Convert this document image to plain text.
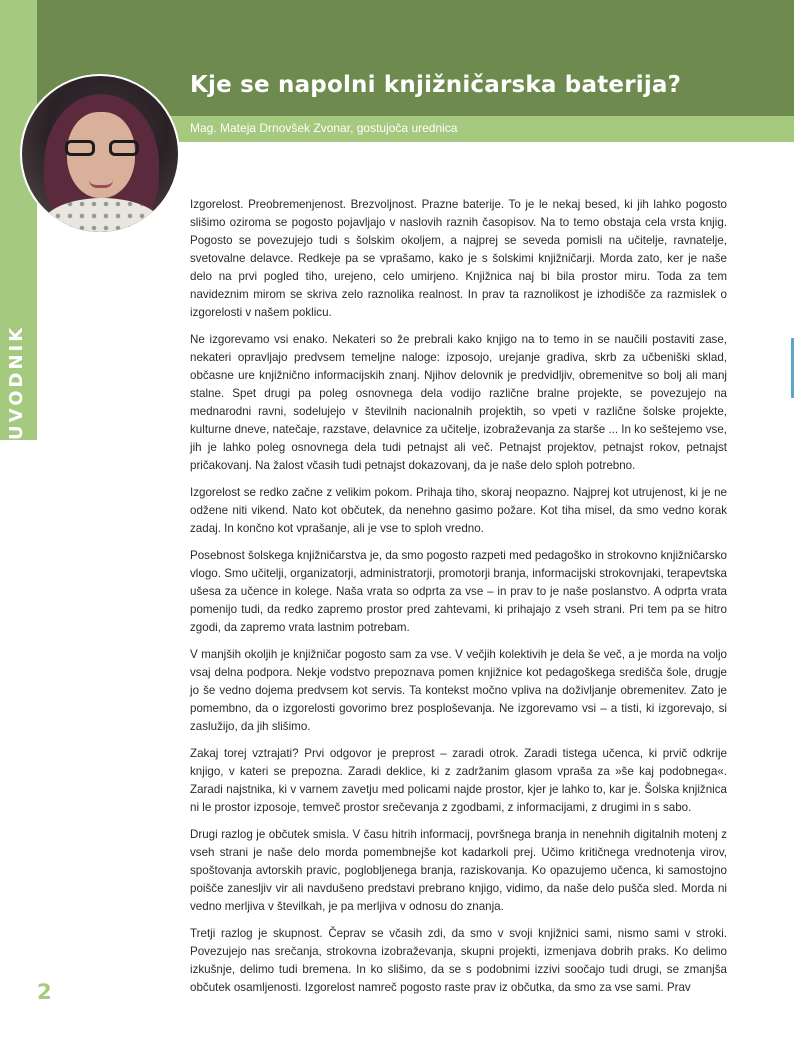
UVODNIK
Kje se napolni knjižničarska baterija?
Mag. Mateja Drnovšek Zvonar, gostujoča urednica

Izgorelost. Preobremenjenost. Brezvoljnost. Prazne baterije. To je le nekaj besed, ki jih lahko pogosto slišimo oziroma se pogosto pojavljajo v naslovih raznih časopisov. Na to temo obstaja cela vrsta knjig. Pogosto se povezujejo tudi s šolskim okoljem, a najprej se seveda pomisli na učitelje, ravnatelje, svetovalne delavce. Redkeje pa se vprašamo, kako je s šolskimi knjižničarji. Morda zato, ker je naše delo na prvi pogled tiho, urejeno, celo umirjeno. Knjižnica naj bi bila prostor miru. Toda za tem navideznim mirom se skriva zelo raznolika realnost. In prav ta raznolikost je izhodišče za razmislek o izgorelosti v našem poklicu.

Ne izgorevamo vsi enako. Nekateri so že prebrali kako knjigo na to temo in se naučili postaviti zase, nekateri opravljajo predvsem temeljne naloge: izposojo, urejanje gradiva, skrb za učbeniški sklad, občasne ure knjižnično informacijskih znanj. Njihov delovnik je predvidljiv, obremenitve so bolj ali manj stalne. Spet drugi pa poleg osnovnega dela vodijo različne bralne projekte, se povezujejo na mednarodni ravni, sodelujejo v številnih nacionalnih projektih, so vpeti v različne šolske projekte, kulturne dneve, natečaje, razstave, delavnice za učitelje, izobraževanja za starše ... In ko seštejemo vse, jih je lahko poleg osnovnega dela tudi petnajst ali več. Petnajst projektov, petnajst rokov, petnajst pričakovanj. Na žalost včasih tudi petnajst dokazovanj, da je naše delo sploh potrebno.

Izgorelost se redko začne z velikim pokom. Prihaja tiho, skoraj neopazno. Najprej kot utrujenost, ki je ne odžene niti vikend. Nato kot občutek, da nenehno gasimo požare. Kot tiha misel, da smo vedno korak zadaj. In končno kot vprašanje, ali je vse to sploh vredno.

Posebnost šolskega knjižničarstva je, da smo pogosto razpeti med pedagoško in strokovno knjižničarsko vlogo. Smo učitelji, organizatorji, administratorji, promotorji branja, informacijski strokovnjaki, terapevtska ušesa za učence in kolege. Naša vrata so odprta za vse – in prav to je naše poslanstvo. A odprta vrata pomenijo tudi, da redko zapremo prostor pred zahtevami, ki prihajajo z vseh strani. Pri tem pa se hitro zgodi, da zapremo vrata lastnim potrebam.

V manjših okoljih je knjižničar pogosto sam za vse. V večjih kolektivih je dela še več, a je morda na voljo vsaj delna podpora. Nekje vodstvo prepoznava pomen knjižnice kot pedagoškega središča šole, drugje jo še vedno dojema predvsem kot servis. Ta kontekst močno vpliva na doživljanje obremenitev. Zato je pomembno, da o izgorelosti govorimo brez posploševanja. Ne izgorevamo vsi – a tisti, ki izgorevajo, si zaslužijo, da jih slišimo.

Zakaj torej vztrajati? Prvi odgovor je preprost – zaradi otrok. Zaradi tistega učenca, ki prvič odkrije knjigo, v kateri se prepozna. Zaradi deklice, ki z zadržanim glasom vpraša za »še kaj podobnega«. Zaradi najstnika, ki v varnem zavetju med policami najde prostor, kjer je lahko to, kar je. Šolska knjižnica ni le prostor izposoje, temveč prostor srečevanja z zgodbami, z informacijami, z drugimi in s sabo.

Drugi razlog je občutek smisla. V času hitrih informacij, površnega branja in nenehnih digitalnih motenj z vseh strani je naše delo morda pomembnejše kot kadarkoli prej. Učimo kritičnega vrednotenja virov, spoštovanja avtorskih pravic, poglobljenega branja, raziskovanja. Ko opazujemo učenca, ki samostojno poišče zanesljiv vir ali navdušeno predstavi prebrano knjigo, vidimo, da naše delo pušča sled. Morda ni vedno merljiva v številkah, je pa merljiva v odnosu do znanja.

Tretji razlog je skupnost. Čeprav se včasih zdi, da smo v svoji knjižnici sami, nismo sami v stroki. Povezujejo nas srečanja, strokovna izobraževanja, skupni projekti, izmenjava dobrih praks. Ko delimo izkušnje, delimo tudi bremena. In ko slišimo, da se s podobnimi izzivi soočajo tudi drugi, se zmanjša občutek osamljenosti. Izgorelost namreč pogosto raste prav iz občutka, da smo za vse sami. Prav

2
